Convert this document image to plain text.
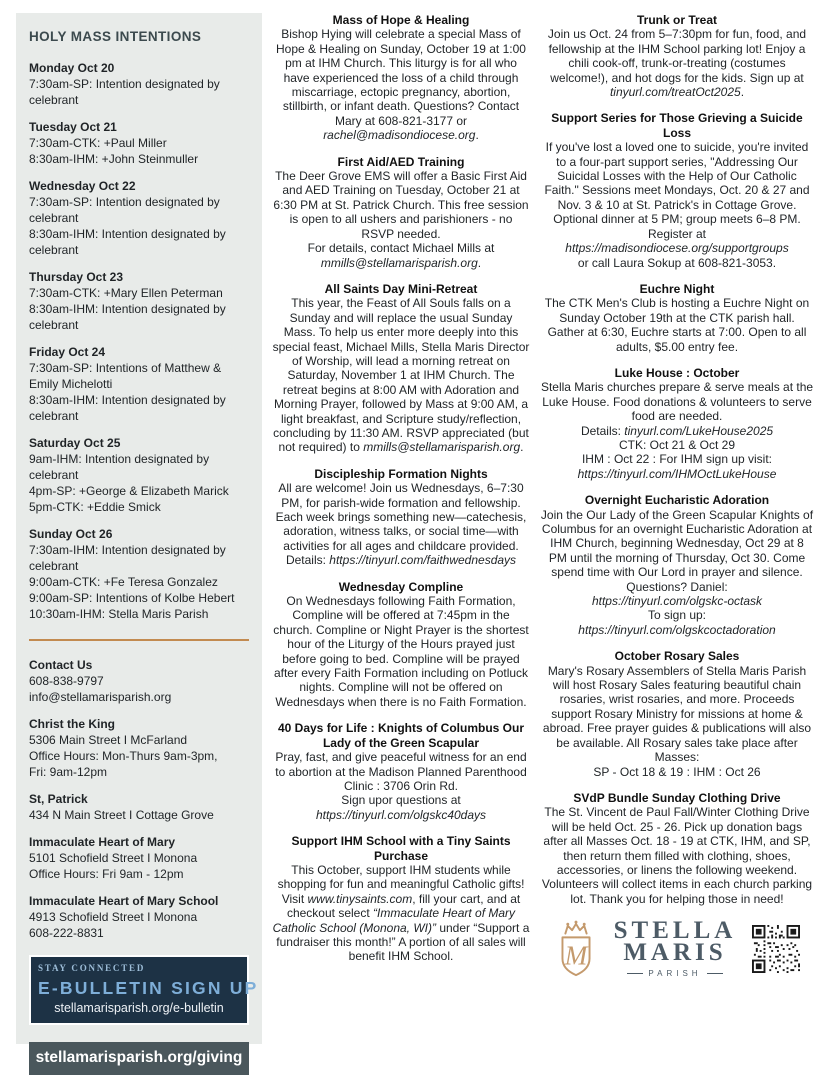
HOLY MASS INTENTIONS
Monday Oct 20
7:30am-SP: Intention designated by celebrant
Tuesday Oct 21
7:30am-CTK: +Paul Miller
8:30am-IHM: +John Steinmuller
Wednesday Oct 22
7:30am-SP: Intention designated by celebrant
8:30am-IHM: Intention designated by celebrant
Thursday Oct 23
7:30am-CTK: +Mary Ellen Peterman
8:30am-IHM: Intention designated by celebrant
Friday Oct 24
7:30am-SP: Intentions of Matthew & Emily Michelotti
8:30am-IHM: Intention designated by celebrant
Saturday Oct 25
9am-IHM: Intention designated by celebrant
4pm-SP: +George & Elizabeth Marick
5pm-CTK: +Eddie Smick
Sunday Oct 26
7:30am-IHM: Intention designated by celebrant
9:00am-CTK: +Fe Teresa Gonzalez
9:00am-SP: Intentions of Kolbe Hebert
10:30am-IHM: Stella Maris Parish
Contact Us
608-838-9797
info@stellamarisparish.org
Christ the King
5306 Main Street I McFarland
Office Hours: Mon-Thurs 9am-3pm,
Fri: 9am-12pm
St, Patrick
434 N Main Street I Cottage Grove
Immaculate Heart of Mary
5101 Schofield Street I Monona
Office Hours: Fri 9am - 12pm
Immaculate Heart of Mary School
4913 Schofield Street I Monona
608-222-8831
STAY CONNECTED
E-BULLETIN SIGN UP
stellamarisparish.org/e-bulletin
stellamarisparish.org/giving
Mass of Hope & Healing

Bishop Hying will celebrate a special Mass of Hope & Healing on Sunday, October 19 at 1:00 pm at IHM Church. This liturgy is for all who have experienced the loss of a child through miscarriage, ectopic pregnancy, abortion, stillbirth, or infant death. Questions? Contact Mary at 608-821-3177 or rachel@madisondiocese.org.

First Aid/AED Training

The Deer Grove EMS will offer a Basic First Aid and AED Training on Tuesday, October 21 at 6:30 PM at St. Patrick Church. This free session is open to all ushers and parishioners - no RSVP needed.
For details, contact Michael Mills at
mmills@stellamarisparish.org.

All Saints Day Mini-Retreat

This year, the Feast of All Souls falls on a Sunday and will replace the usual Sunday Mass. To help us enter more deeply into this special feast, Michael Mills, Stella Maris Director of Worship, will lead a morning retreat on Saturday, November 1 at IHM Church. The retreat begins at 8:00 AM with Adoration and Morning Prayer, followed by Mass at 9:00 AM, a light breakfast, and Scripture study/reflection, concluding by 11:30 AM. RSVP appreciated (but not required) to mmills@stellamarisparish.org.

Discipleship Formation Nights

All are welcome! Join us Wednesdays, 6–7:30 PM, for parish-wide formation and fellowship. Each week brings something new—catechesis, adoration, witness talks, or social time—with activities for all ages and childcare provided.
Details: https://tinyurl.com/faithwednesdays

Wednesday Compline

On Wednesdays following Faith Formation, Compline will be offered at 7:45pm in the church. Compline or Night Prayer is the shortest hour of the Liturgy of the Hours prayed just before going to bed. Compline will be prayed after every Faith Formation including on Potluck nights. Compline will not be offered on Wednesdays when there is no Faith Formation.

40 Days for Life : Knights of Columbus Our Lady of the Green Scapular

Pray, fast, and give peaceful witness for an end to abortion at the Madison Planned Parenthood Clinic : 3706 Orin Rd.
Sign upor questions at
https://tinyurl.com/olgskc40days

Support IHM School with a Tiny Saints Purchase

This October, support IHM students while shopping for fun and meaningful Catholic gifts! Visit www.tinysaints.com, fill your cart, and at checkout select “Immaculate Heart of Mary Catholic School (Monona, WI)” under “Support a fundraiser this month!” A portion of all sales will benefit IHM School.

Trunk or Treat

Join us Oct. 24 from 5–7:30pm for fun, food, and fellowship at the IHM School parking lot! Enjoy a chili cook-off, trunk-or-treating (costumes welcome!), and hot dogs for the kids. Sign up at tinyurl.com/treatOct2025.

Support Series for Those Grieving a Suicide Loss

If you've lost a loved one to suicide, you're invited to a four-part support series, "Addressing Our Suicidal Losses with the Help of Our Catholic Faith." Sessions meet Mondays, Oct. 20 & 27 and Nov. 3 & 10 at St. Patrick's in Cottage Grove. Optional dinner at 5 PM; group meets 6–8 PM.
Register at
https://madisondiocese.org/supportgroups
or call Laura Sokup at 608-821-3053.

Euchre Night

The CTK Men's Club is hosting a Euchre Night on Sunday October 19th at the CTK parish hall. Gather at 6:30, Euchre starts at 7:00. Open to all adults, $5.00 entry fee.

Luke House : October

Stella Maris churches prepare & serve meals at the Luke House. Food donations & volunteers to serve food are needed.
Details: tinyurl.com/LukeHouse2025
CTK: Oct 21 & Oct 29
IHM : Oct 22 : For IHM sign up visit:
https://tinyurl.com/IHMOctLukeHouse

Overnight Eucharistic Adoration

Join the Our Lady of the Green Scapular Knights of Columbus for an overnight Eucharistic Adoration at IHM Church, beginning Wednesday, Oct 29 at 8 PM until the morning of Thursday, Oct 30. Come spend time with Our Lord in prayer and silence. Questions? Daniel:
https://tinyurl.com/olgskc-octask
To sign up:
https://tinyurl.com/olgskcoctadoration

October Rosary Sales

Mary's Rosary Assemblers of Stella Maris Parish will host Rosary Sales featuring beautiful chain rosaries, wrist rosaries, and more. Proceeds support Rosary Ministry for missions at home & abroad. Free prayer guides & publications will also be available. All Rosary sales take place after Masses:
SP - Oct 18 & 19 : IHM : Oct 26

SVdP Bundle Sunday Clothing Drive

The St. Vincent de Paul Fall/Winter Clothing Drive will be held Oct. 25 - 26. Pick up donation bags after all Masses Oct. 18 - 19 at CTK, IHM, and SP, then return them filled with clothing, shoes, accessories, or linens the following weekend. Volunteers will collect items in each church parking lot. Thank you for helping those in need!

M
STELLA
MARIS
PARISH
